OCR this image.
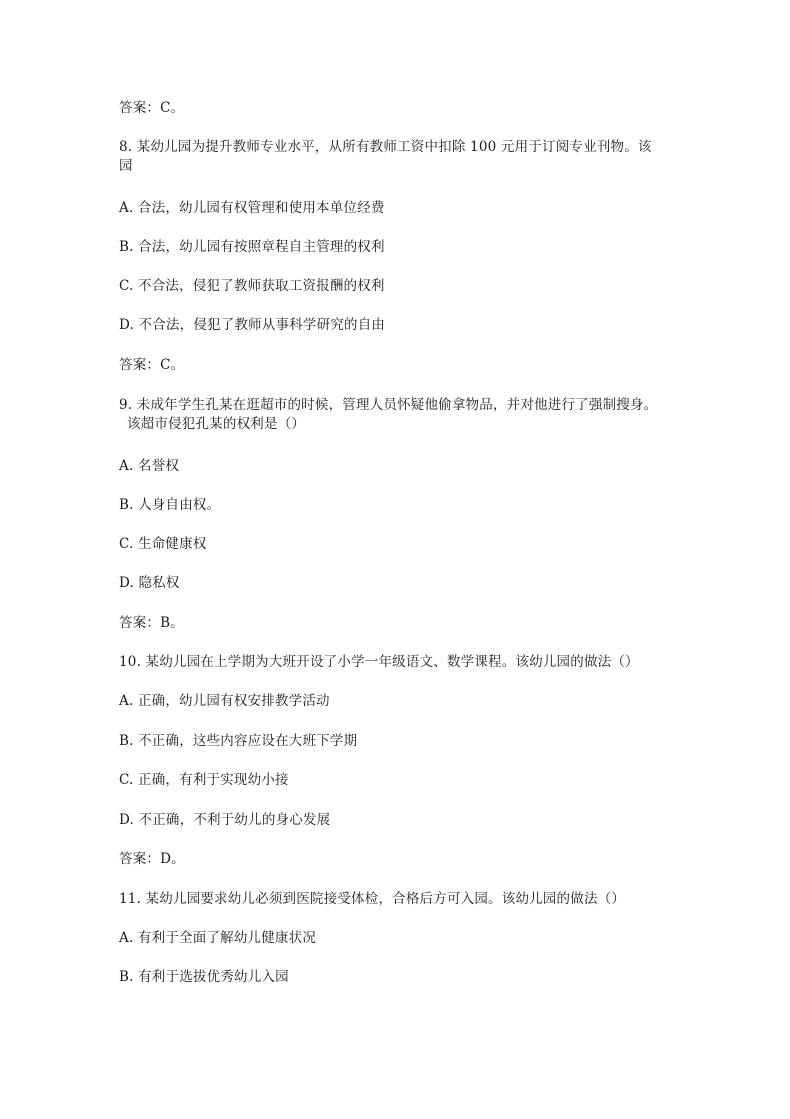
答案：C。
8. 某幼儿园为提升教师专业水平，从所有教师工资中扣除 100 元用于订阅专业刊物。该
园
A. 合法，幼儿园有权管理和使用本单位经费
B. 合法，幼儿园有按照章程自主管理的权利
C. 不合法，侵犯了教师获取工资报酬的权利
D. 不合法，侵犯了教师从事科学研究的自由
答案：C。
9. 未成年学生孔某在逛超市的时候，管理人员怀疑他偷拿物品，并对他进行了强制搜身。
该超市侵犯孔某的权利是（）
A. 名誉权
B. 人身自由权。
C. 生命健康权
D. 隐私权
答案：B。
10. 某幼儿园在上学期为大班开设了小学一年级语文、数学课程。该幼儿园的做法（）
A. 正确，幼儿园有权安排教学活动
B. 不正确，这些内容应设在大班下学期
C. 正确，有利于实现幼小接
D. 不正确，不利于幼儿的身心发展
答案：D。
11. 某幼儿园要求幼儿必须到医院接受体检，合格后方可入园。该幼儿园的做法（）
A. 有利于全面了解幼儿健康状况
B. 有利于选拔优秀幼儿入园
